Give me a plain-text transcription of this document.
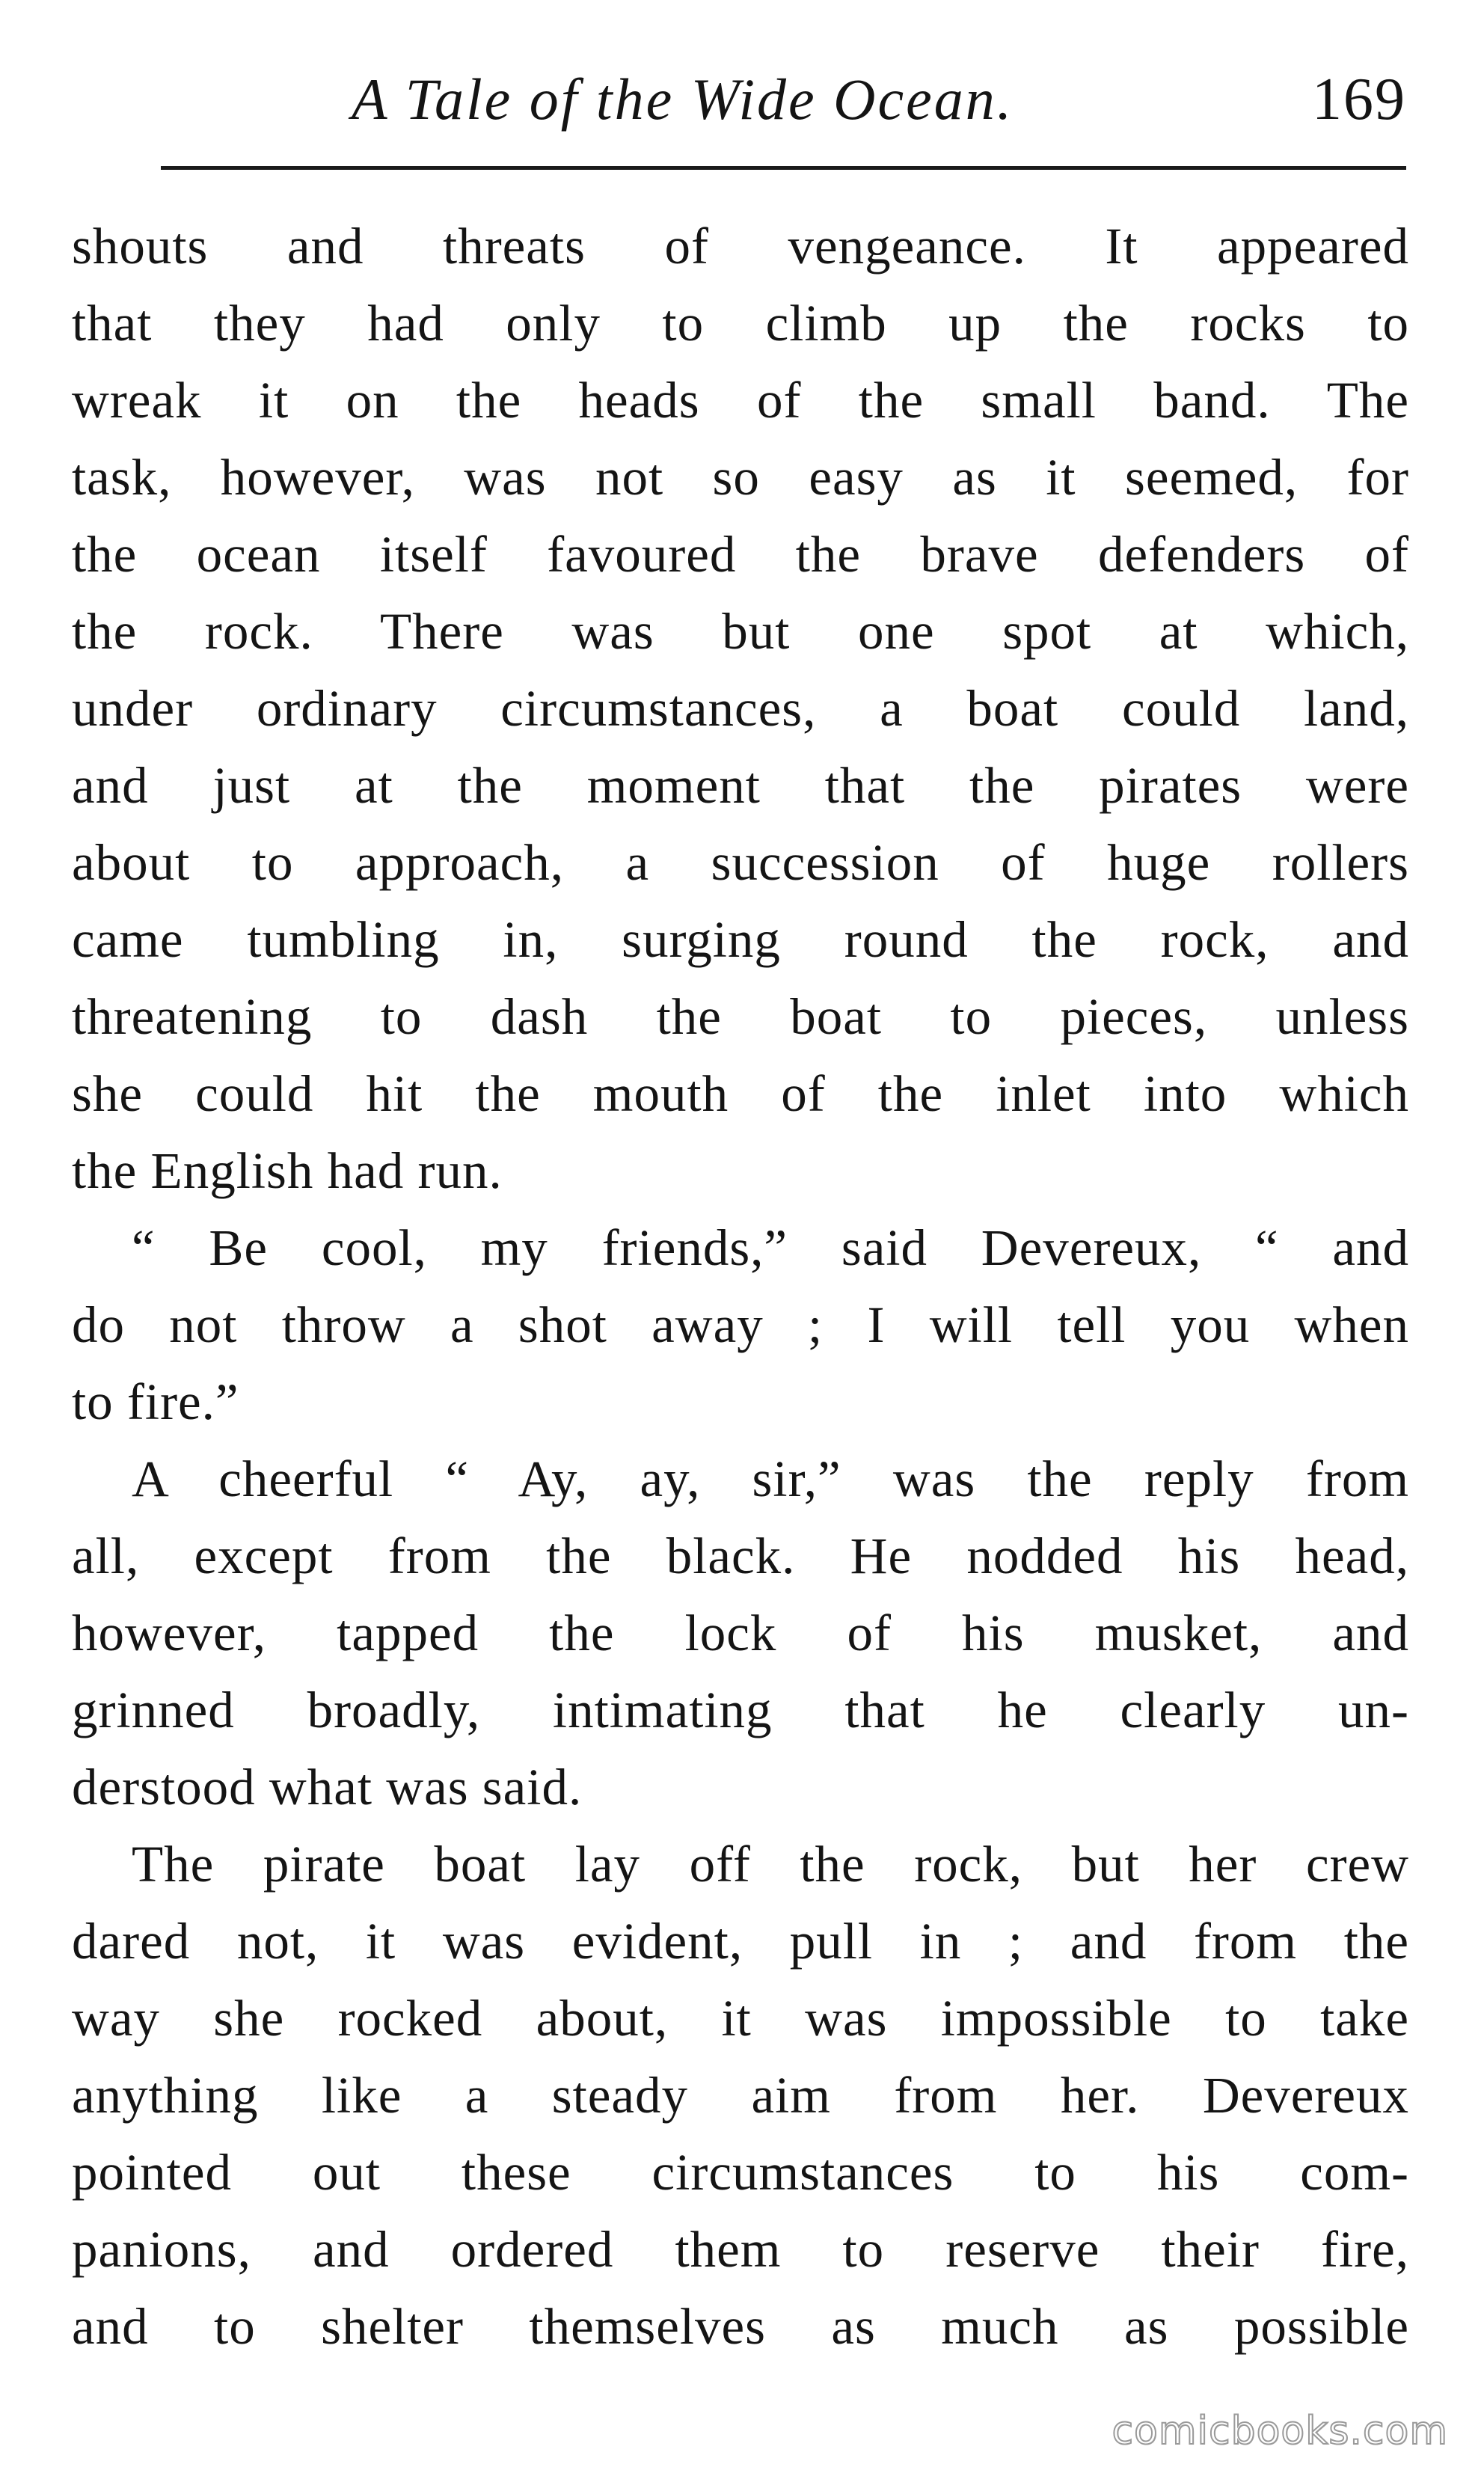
A Tale of the Wide Ocean.	169
shouts and threats of vengeance. It appeared
that they had only to climb up the rocks to
wreak it on the heads of the small band. The
task, however, was not so easy as it seemed, for
the ocean itself favoured the brave defenders of
the rock. There was but one spot at which,
under ordinary circumstances, a boat could land,
and just at the moment that the pirates were
about to approach, a succession of huge rollers
came tumbling in, surging round the rock, and
threatening to dash the boat to pieces, unless
she could hit the mouth of the inlet into which
the English had run.
“ Be cool, my friends,” said Devereux, “ and
do not throw a shot away ; I will tell you when
to fire.”
A cheerful “ Ay, ay, sir,” was the reply from
all, except from the black. He nodded his head,
however, tapped the lock of his musket, and
grinned broadly, intimating that he clearly un-
derstood what was said.
The pirate boat lay off the rock, but her crew
dared not, it was evident, pull in ; and from the
way she rocked about, it was impossible to take
anything like a steady aim from her. Devereux
pointed out these circumstances to his com-
panions, and ordered them to reserve their fire,
and to shelter themselves as much as possible
comicbooks.com
